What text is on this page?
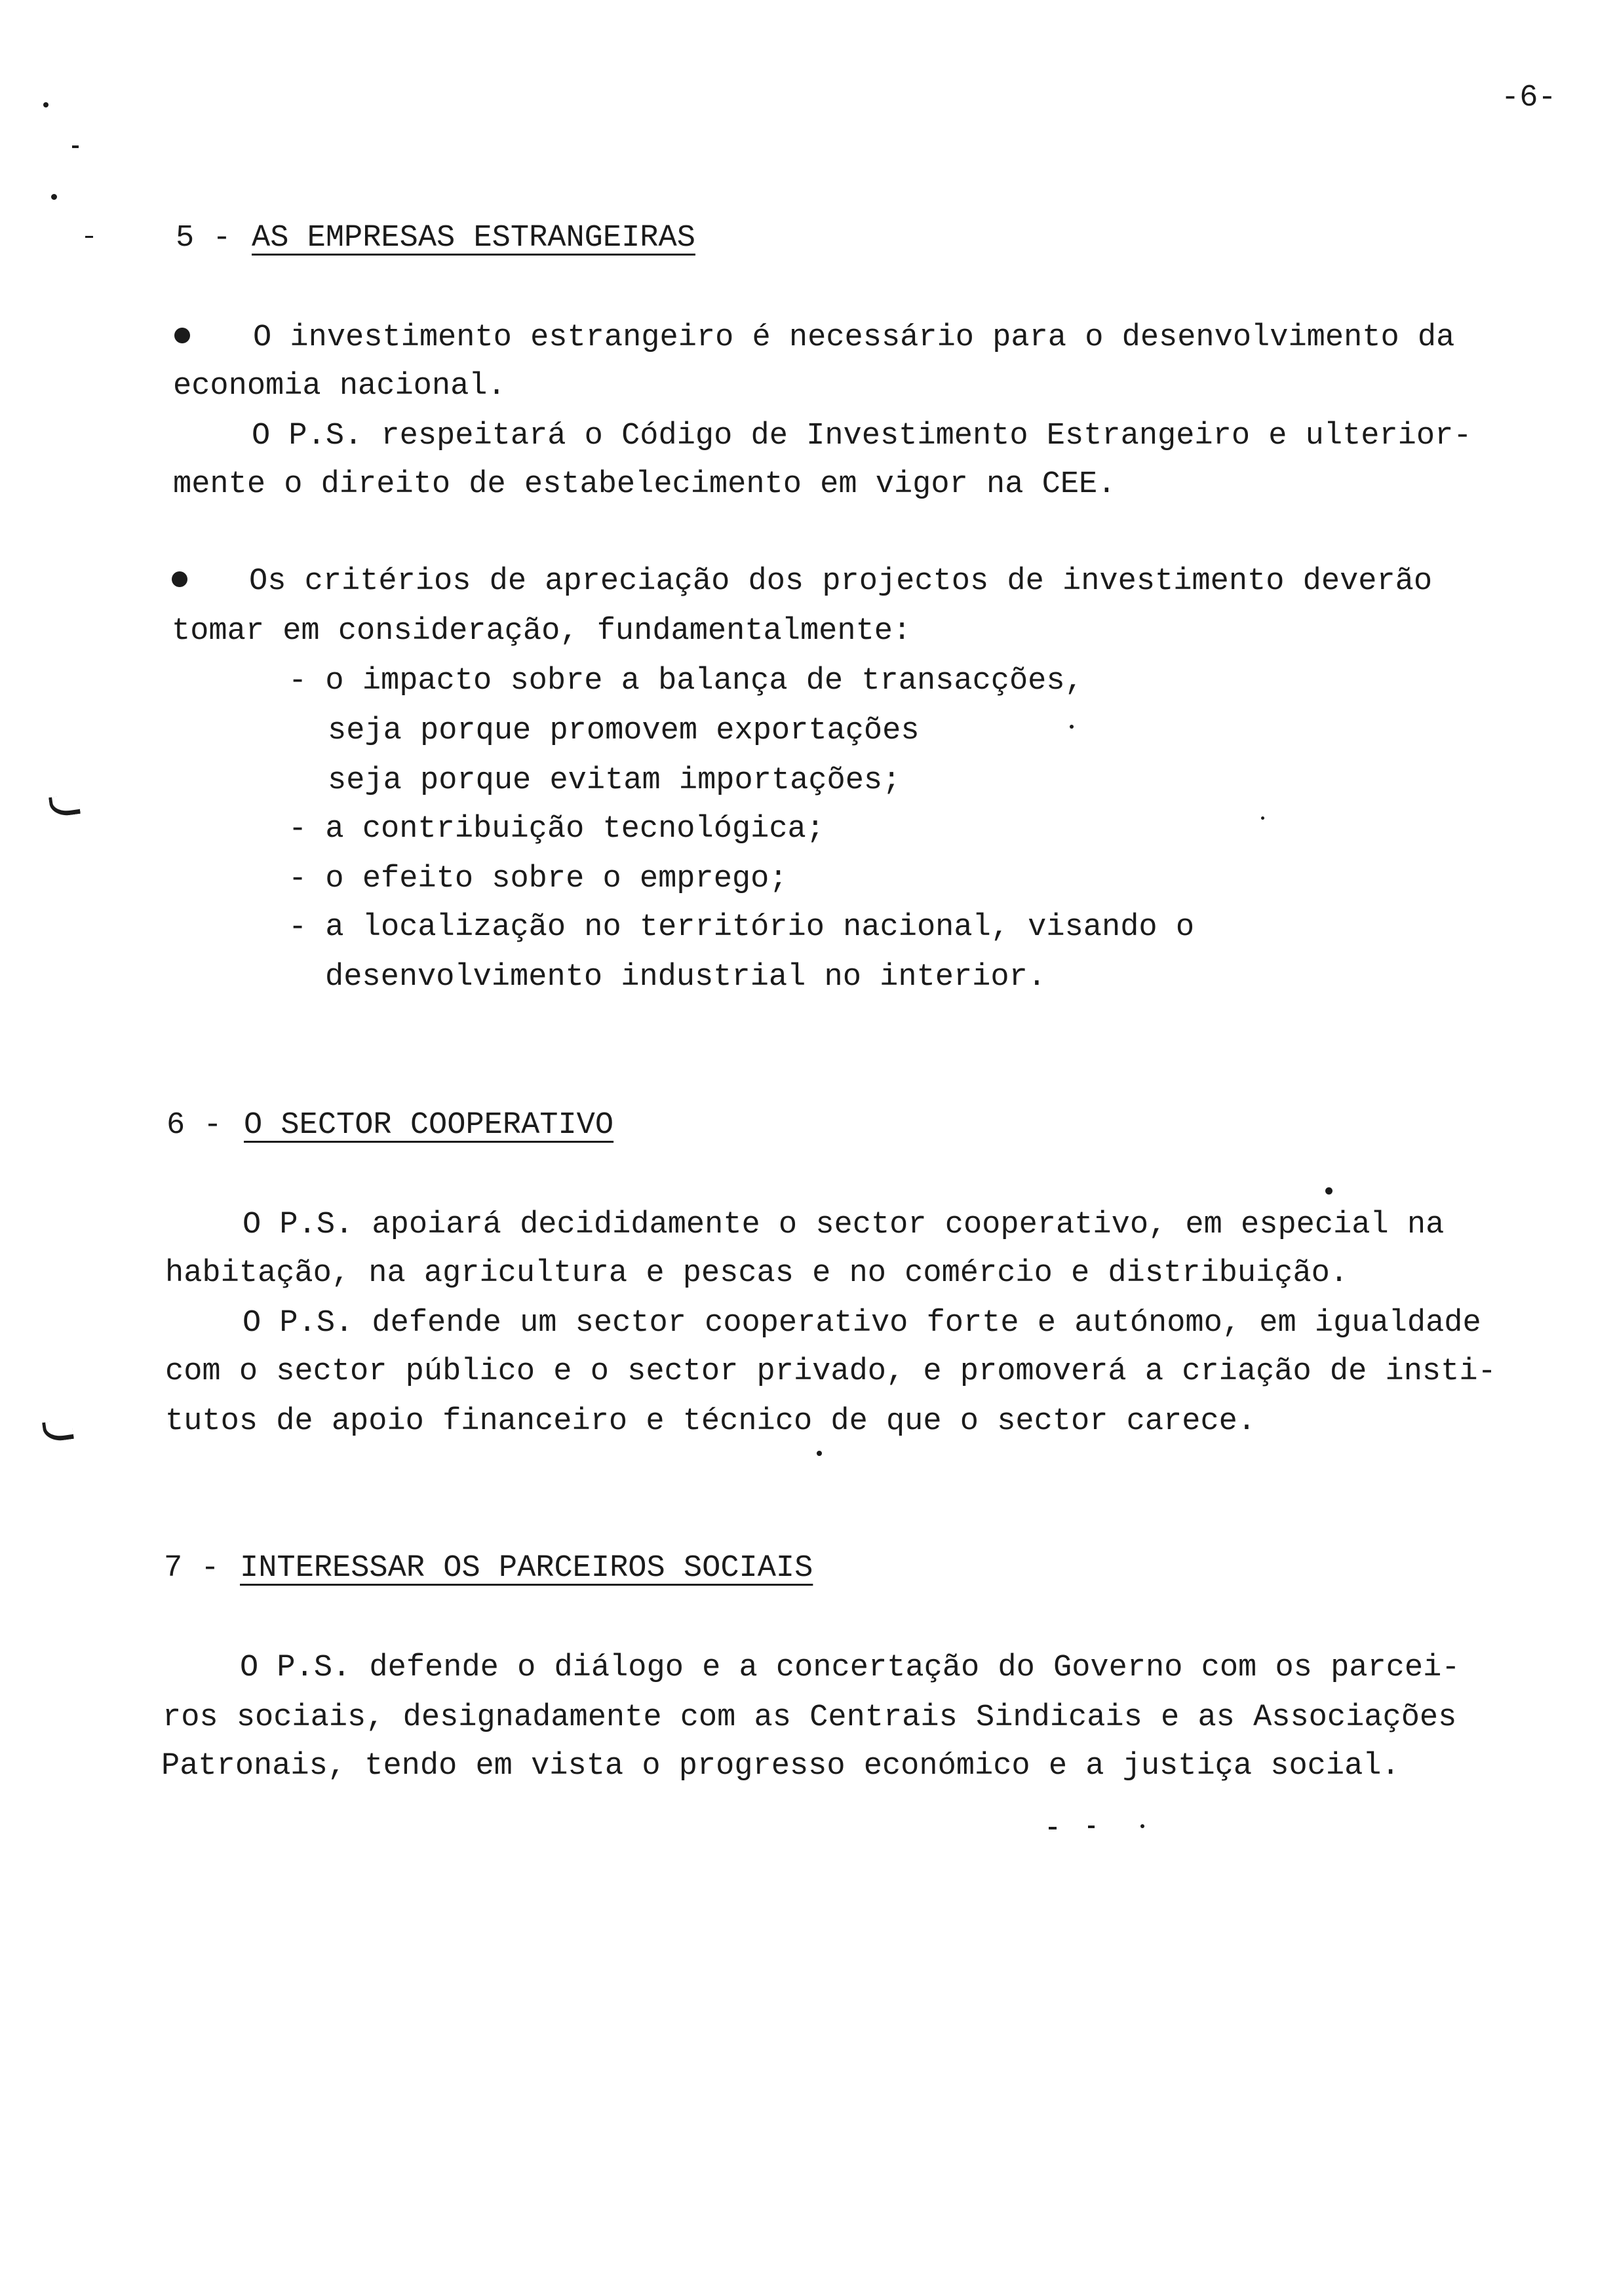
-6-
5 - AS EMPRESAS ESTRANGEIRAS
O investimento estrangeiro é necessário para o desenvolvimento da
economia nacional.
O P.S. respeitará o Código de Investimento Estrangeiro e ulterior-
mente o direito de estabelecimento em vigor na CEE.
Os critérios de apreciação dos projectos de investimento deverão
tomar em consideração, fundamentalmente:
- o impacto sobre a balança de transacções,
seja porque promovem exportações
seja porque evitam importações;
- a contribuição tecnológica;
- o efeito sobre o emprego;
- a localização no território nacional, visando o
desenvolvimento industrial no interior.
6 - O SECTOR COOPERATIVO
O P.S. apoiará decididamente o sector cooperativo, em especial na
habitação, na agricultura e pescas e no comércio e distribuição.
O P.S. defende um sector cooperativo forte e autónomo, em igualdade
com o sector público e o sector privado, e promoverá a criação de insti-
tutos de apoio financeiro e técnico de que o sector carece.
7 - INTERESSAR OS PARCEIROS SOCIAIS
O P.S. defende o diálogo e a concertação do Governo com os parcei-
ros sociais, designadamente com as Centrais Sindicais e as Associações
Patronais, tendo em vista o progresso económico e a justiça social.
